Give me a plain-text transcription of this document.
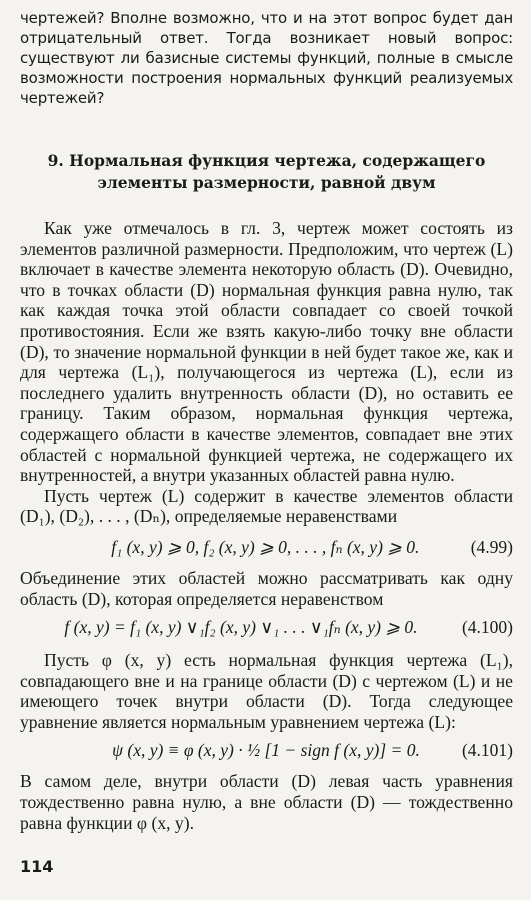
чертежей? Вполне возможно, что и на этот вопрос будет дан отрицательный ответ. Тогда возникает новый вопрос: существуют ли базисные системы функций, полные в смысле возможности построения нормальных функций реализуемых чертежей?

9. Нормальная функция чертежа, содержащего элементы размерности, равной двум

Как уже отмечалось в гл. 3, чертеж может состоять из элементов различной размерности. Предположим, что чертеж (L) включает в качестве элемента некоторую область (D). Очевидно, что в точках области (D) нормальная функция равна нулю, так как каждая точка этой области совпадает со своей точкой противостояния. Если же взять какую-либо точку вне области (D), то значение нормальной функции в ней будет такое же, как и для чертежа (L₁), получающегося из чертежа (L), если из последнего удалить внутренность области (D), но оставить ее границу. Таким образом, нормальная функция чертежа, содержащего области в качестве элементов, совпадает вне этих областей с нормальной функцией чертежа, не содержащего их внутренностей, а внутри указанных областей равна нулю.

Пусть чертеж (L) содержит в качестве элементов области (D₁), (D₂), . . . , (Dₙ), определяемые неравенствами

f₁ (x, y) ⩾ 0, f₂ (x, y) ⩾ 0, . . . , fₙ (x, y) ⩾ 0.	(4.99)

Объединение этих областей можно рассматривать как одну область (D), которая определяется неравенством

f (x, y) = f₁ (x, y) ∨₁f₂ (x, y) ∨₁ . . . ∨₁fₙ (x, y) ⩾ 0.	(4.100)

Пусть φ (x, y) есть нормальная функция чертежа (L₁), совпадающего вне и на границе области (D) с чертежом (L) и не имеющего точек внутри области (D). Тогда следующее уравнение является нормальным уравнением чертежа (L):

ψ (x, y) ≡ φ (x, y) · ½ [1 − sign f (x, y)] = 0.	(4.101)

В самом деле, внутри области (D) левая часть уравнения тождественно равна нулю, а вне области (D) — тождественно равна функции φ (x, y).

114
